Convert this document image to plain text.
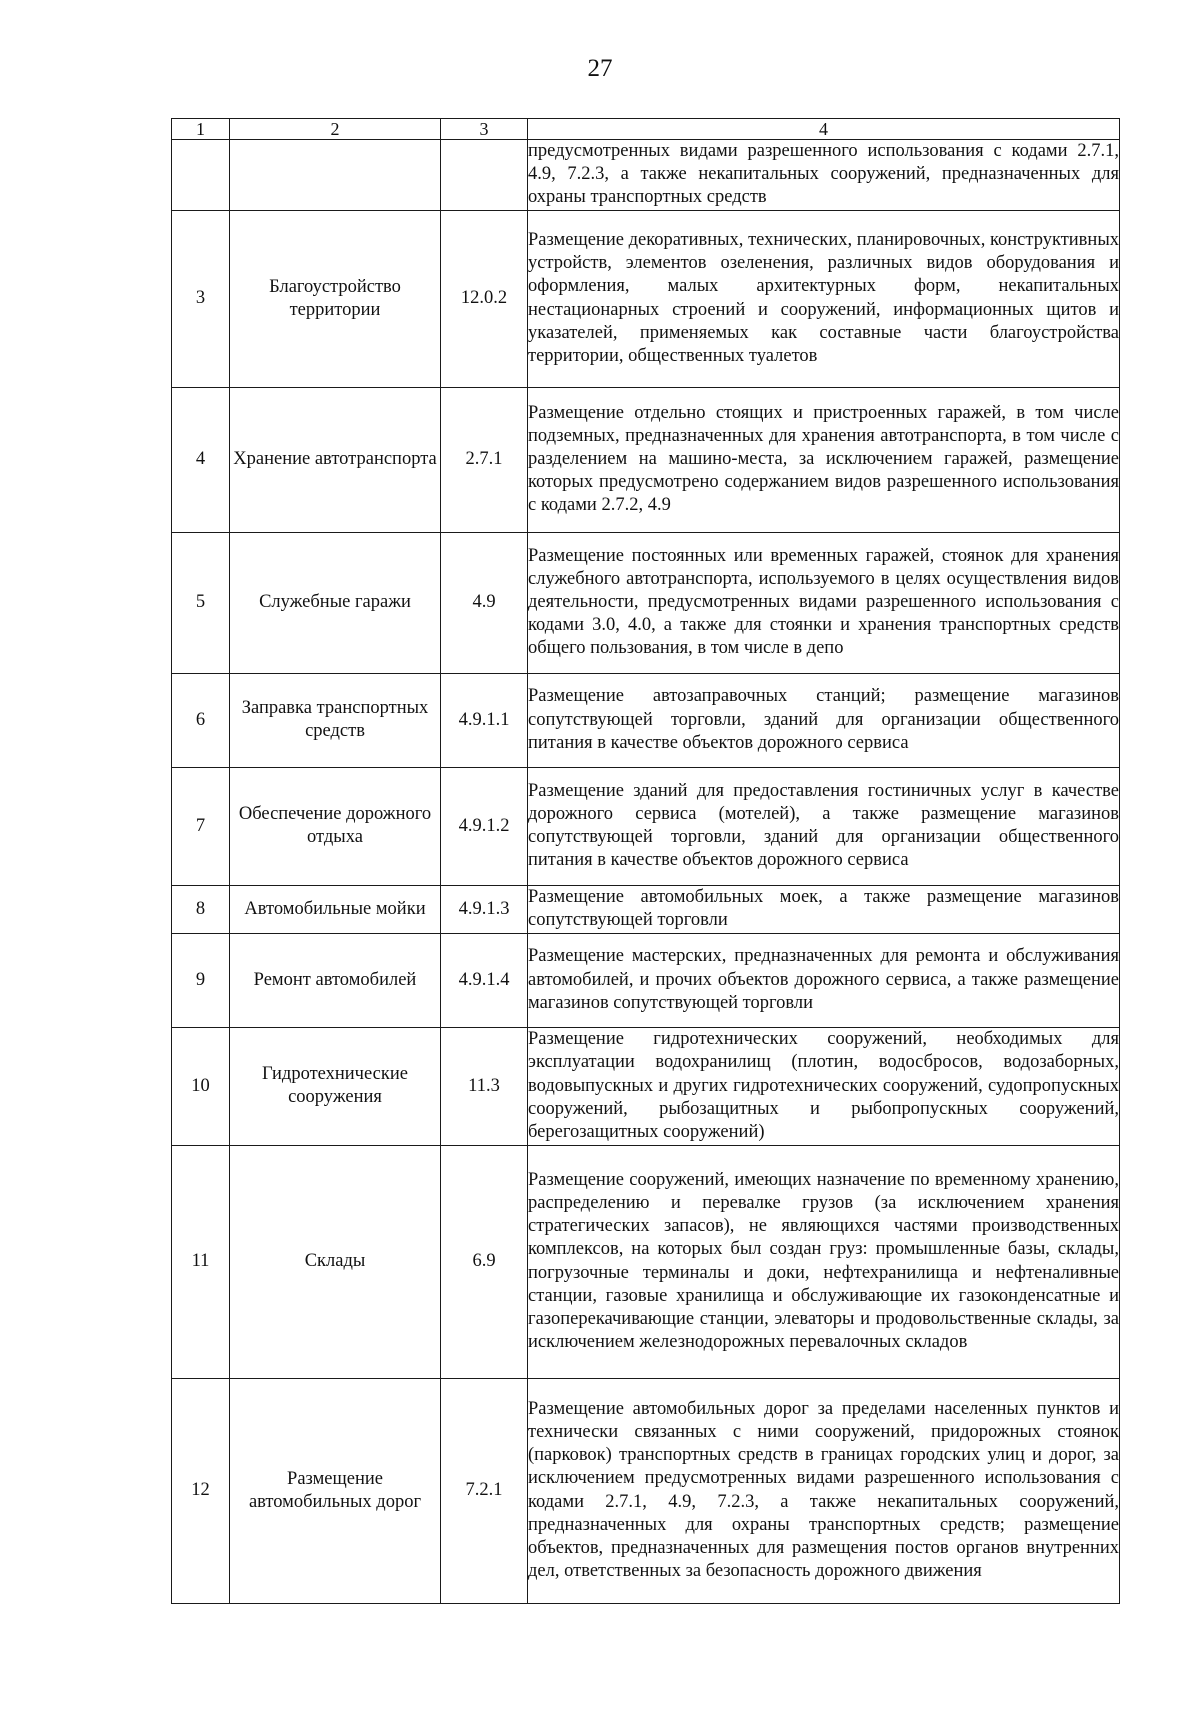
27
1	2	3	4
			предусмотренных видами разрешенного использования с кодами 2.7.1, 4.9, 7.2.3, а также некапитальных сооружений, предназначенных для охраны транспортных средств
3	Благоустройство территории	12.0.2	Размещение декоративных, технических, планировочных, конструктивных устройств, элементов озеленения, различных видов оборудования и оформления, малых архитектурных форм, некапитальных нестационарных строений и сооружений, информационных щитов и указателей, применяемых как составные части благоустройства территории, общественных туалетов
4	Хранение автотранспорта	2.7.1	Размещение отдельно стоящих и пристроенных гаражей, в том числе подземных, предназначенных для хранения автотранспорта, в том числе с разделением на машино-места, за исключением гаражей, размещение которых предусмотрено содержанием видов разрешенного использования с кодами 2.7.2, 4.9
5	Служебные гаражи	4.9	Размещение постоянных или временных гаражей, стоянок для хранения служебного автотранспорта, используемого в целях осуществления видов деятельности, предусмотренных видами разрешенного использования с кодами 3.0, 4.0, а также для стоянки и хранения транспортных средств общего пользования, в том числе в депо
6	Заправка транспортных средств	4.9.1.1	Размещение автозаправочных станций; размещение магазинов сопутствующей торговли, зданий для организации общественного питания в качестве объектов дорожного сервиса
7	Обеспечение дорожного отдыха	4.9.1.2	Размещение зданий для предоставления гостиничных услуг в качестве дорожного сервиса (мотелей), а также размещение магазинов сопутствующей торговли, зданий для организации общественного питания в качестве объектов дорожного сервиса
8	Автомобильные мойки	4.9.1.3	Размещение автомобильных моек, а также размещение магазинов сопутствующей торговли
9	Ремонт автомобилей	4.9.1.4	Размещение мастерских, предназначенных для ремонта и обслуживания автомобилей, и прочих объектов дорожного сервиса, а также размещение магазинов сопутствующей торговли
10	Гидротехнические сооружения	11.3	Размещение гидротехнических сооружений, необходимых для эксплуатации водохранилищ (плотин, водосбросов, водозаборных, водовыпускных и других гидротехнических сооружений, судопропускных сооружений, рыбозащитных и рыбопропускных сооружений, берегозащитных сооружений)
11	Склады	6.9	Размещение сооружений, имеющих назначение по временному хранению, распределению и перевалке грузов (за исключением хранения стратегических запасов), не являющихся частями производственных комплексов, на которых был создан груз: промышленные базы, склады, погрузочные терминалы и доки, нефтехранилища и нефтеналивные станции, газовые хранилища и обслуживающие их газоконденсатные и газоперекачивающие станции, элеваторы и продовольственные склады, за исключением железнодорожных перевалочных складов
12	Размещение автомобильных дорог	7.2.1	Размещение автомобильных дорог за пределами населенных пунктов и технически связанных с ними сооружений, придорожных стоянок (парковок) транспортных средств в границах городских улиц и дорог, за исключением предусмотренных видами разрешенного использования с кодами 2.7.1, 4.9, 7.2.3, а также некапитальных сооружений, предназначенных для охраны транспортных средств; размещение объектов, предназначенных для размещения постов органов внутренних дел, ответственных за безопасность дорожного движения
